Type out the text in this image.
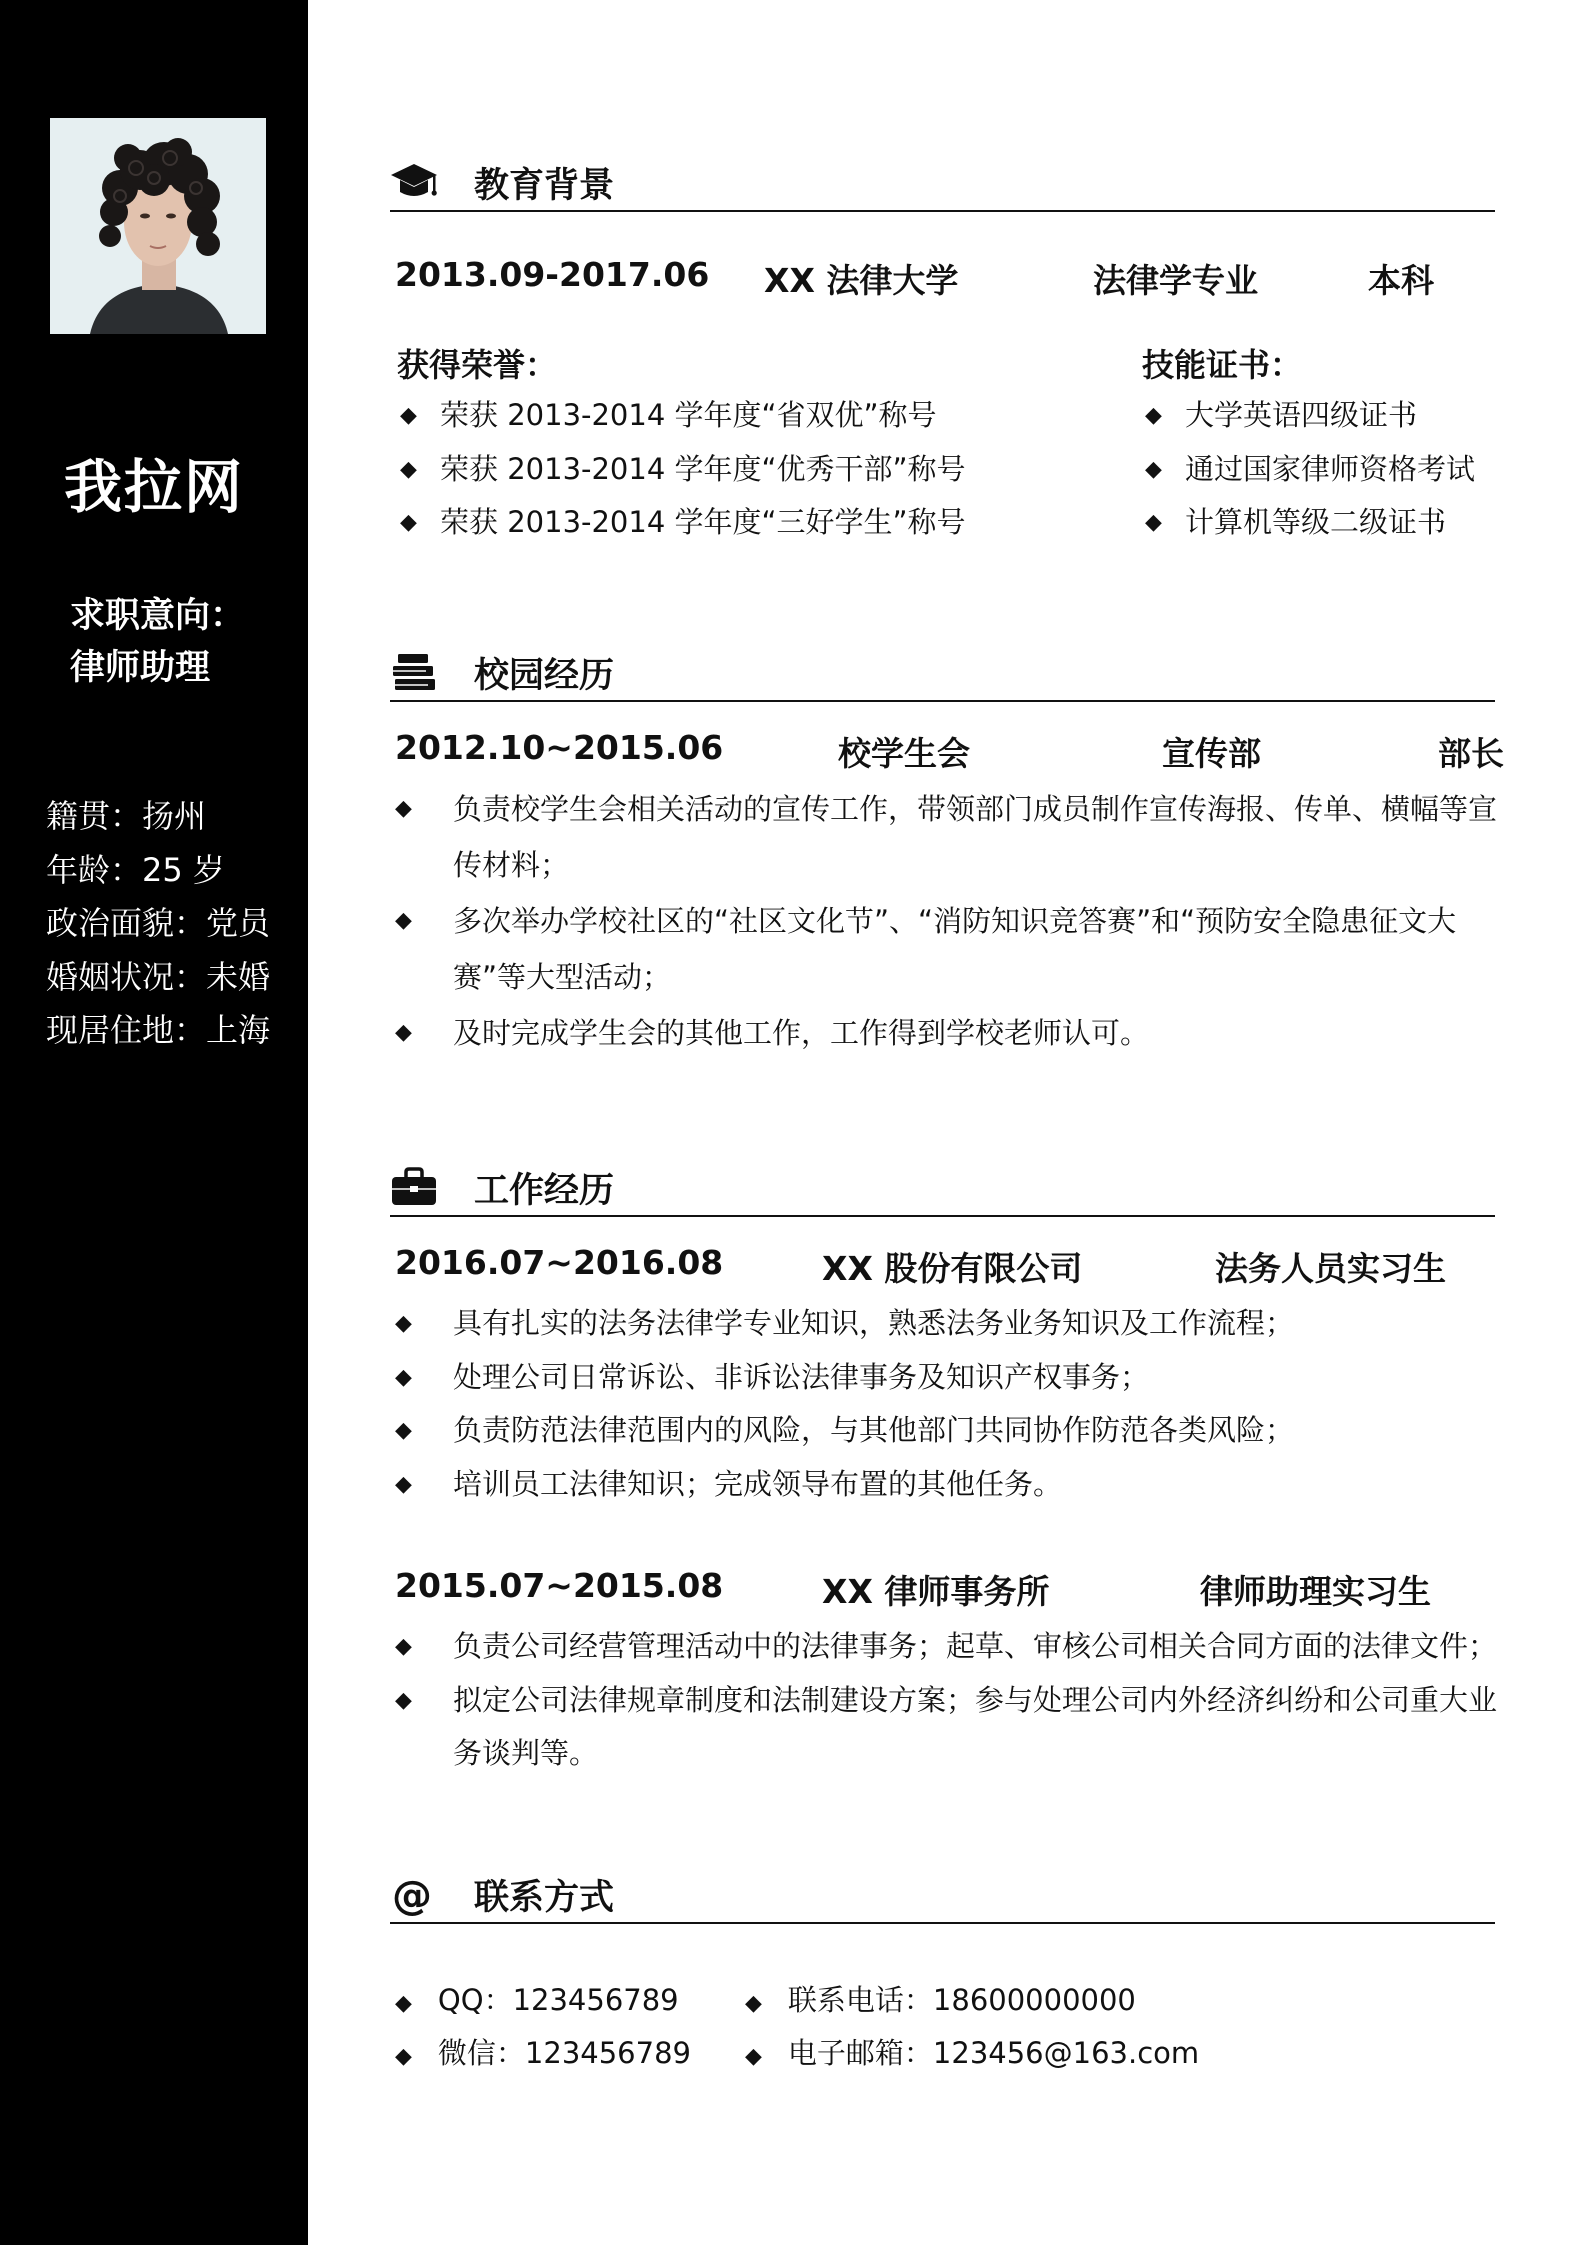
我拉网
求职意向：
律师助理
籍贯：扬州
年龄：25 岁
政治面貌：党员
婚姻状况：未婚
现居住地：上海
教育背景
2013.09-2017.06 XX 法律大学	法律学专业	本科
获得荣誉：
◆ 荣获 2013-2014 学年度“省双优”称号
◆ 荣获 2013-2014 学年度“优秀干部”称号
◆ 荣获 2013-2014 学年度“三好学生”称号
技能证书：
◆ 大学英语四级证书
◆ 通过国家律师资格考试
◆ 计算机等级二级证书
校园经历
2012.10~2015.06	校学生会	宣传部	部长
◆ 负责校学生会相关活动的宣传工作，带领部门成员制作宣传海报、传单、横幅等宣传材料；
◆ 多次举办学校社区的“社区文化节”、“消防知识竞答赛”和“预防安全隐患征文大赛”等大型活动；
◆ 及时完成学生会的其他工作，工作得到学校老师认可。
工作经历
2016.07~2016.08	XX 股份有限公司	法务人员实习生
◆ 具有扎实的法务法律学专业知识，熟悉法务业务知识及工作流程；
◆ 处理公司日常诉讼、非诉讼法律事务及知识产权事务；
◆ 负责防范法律范围内的风险，与其他部门共同协作防范各类风险；
◆ 培训员工法律知识；完成领导布置的其他任务。
2015.07~2015.08	XX 律师事务所	律师助理实习生
◆ 负责公司经营管理活动中的法律事务；起草、审核公司相关合同方面的法律文件；
◆ 拟定公司法律规章制度和法制建设方案；参与处理公司内外经济纠纷和公司重大业务谈判等。
@ 联系方式
◆ QQ：123456789	◆ 联系电话：18600000000
◆ 微信：123456789 ◆ 电子邮箱：123456@163.com
